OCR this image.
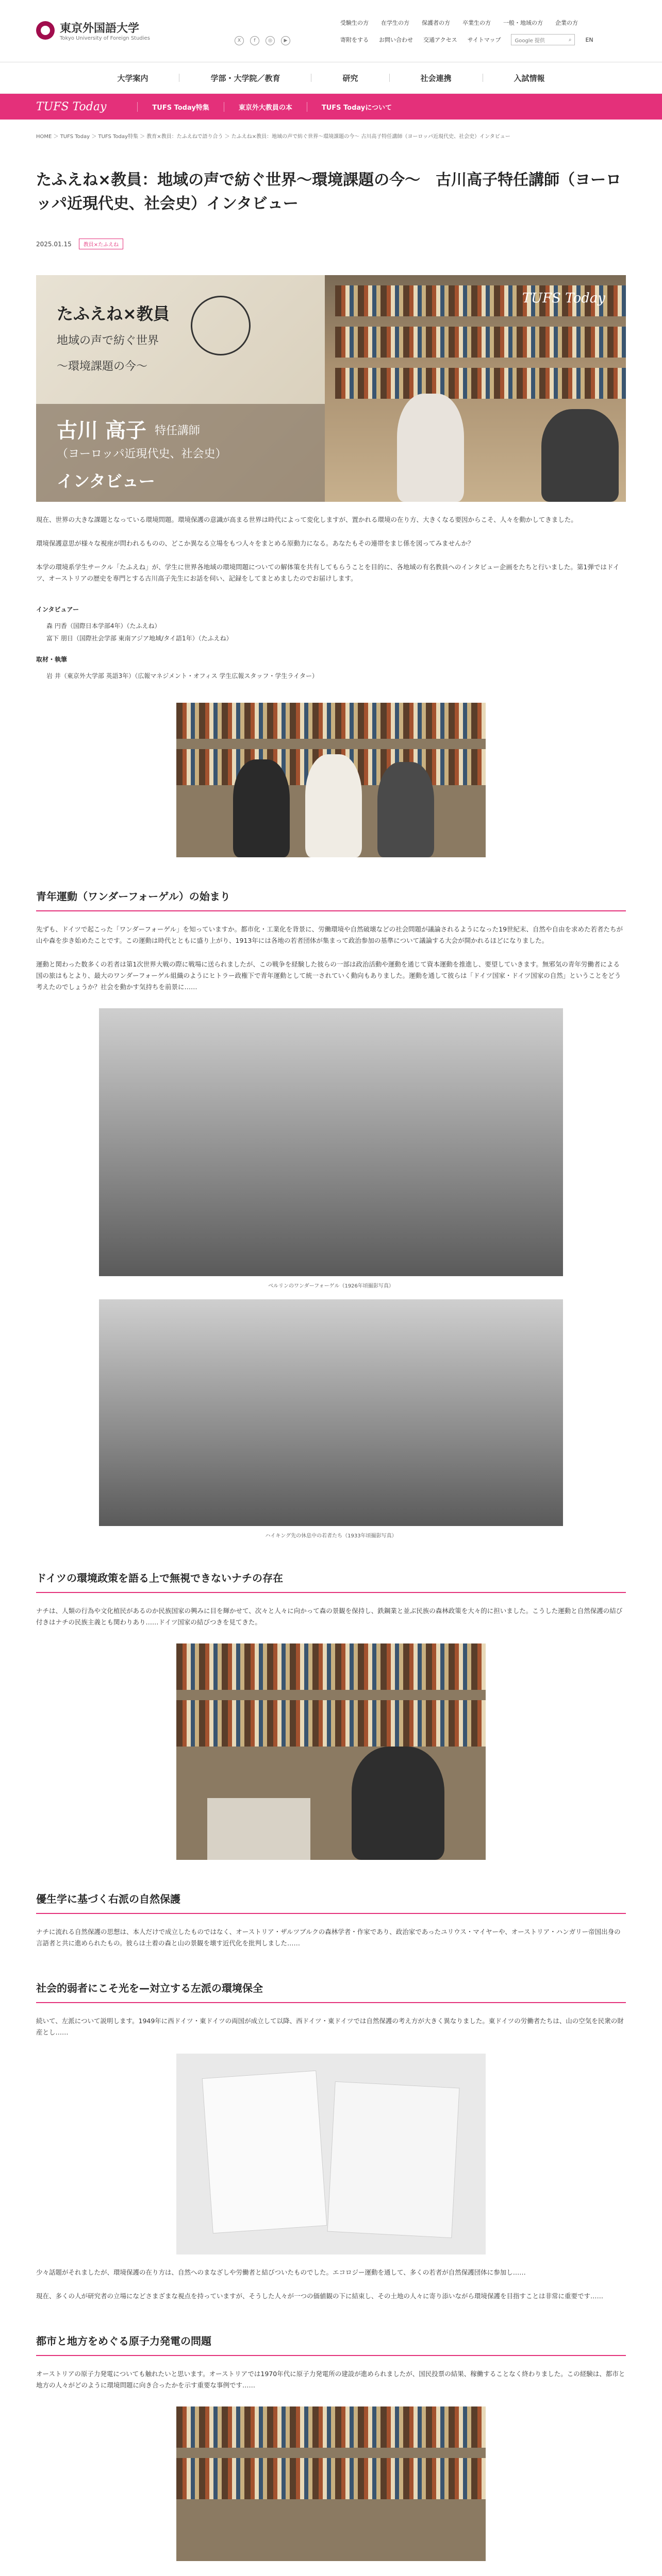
東京外国語大学
Tokyo University of Foreign Studies	X	f	◎	▶
受験生の方 在学生の方 保護者の方 卒業生の方 一般・地域の方 企業の方
寄附をする お問い合わせ 交通アクセス サイトマップ	Google 提供	⌕ EN
大学案内	学部・大学院／教育	研究	社会連携	入試情報
TUFS Today	TUFS Today特集	東京外大教員の本	TUFS Todayについて
HOME ＞ TUFS Today ＞ TUFS Today特集 ＞ 教育×教員：たふえねで語り合う ＞ たふえね×教員：地域の声で紡ぐ世界〜環境課題の今〜 古川高子特任講師（ヨーロッパ近現代史、社会史）インタビュー
たふえね×教員：地域の声で紡ぐ世界〜環境課題の今〜　古川高子特任講師（ヨーロッパ近現代史、社会史）インタビュー
2025.01.15	教員×たふえね
たふえね×教員
地域の声で紡ぐ世界
〜環境課題の今〜
古川 高子 特任講師
（ヨーロッパ近現代史、社会史）
インタビュー
TUFS Today

現在、世界の大きな課題となっている環境問題。環境保護の意識が高まる世界は時代によって変化しますが、置かれる環境の在り方、大きくなる要因からこそ、人々を動かしてきました。

環境保護意思が様々な視座が問われるものの、どこか異なる立場をもつ人々をまとめる原動力になる。あなたもその連帯をまじ係を図ってみませんか？

本学の環境系学生サークル「たふえね」が、学生に世界各地域の環境問題についての解体策を共有してもらうことを目的に、各地域の有名教員へのインタビュー企画をたちと行いました。第1弾ではドイツ、オーストリアの歴史を専門とする古川高子先生にお話を伺い、記録をしてまとめましたのでお届けします。

インタビュアー
森 円香（国際日本学部4年）（たふえね）
富下 朋日（国際社会学部 東南アジア地域/タイ語1年）（たふえね）
取材・執筆
岩 井（東京外大学部 英語3年）（広報マネジメント・オフィス 学生広報スタッフ・学生ライター）
青年運動（ワンダーフォーゲル）の始まり

先ずも、ドイツで起こった「ワンダーフォーゲル」を知っていますか。都市化・工業化を背景に、労働環境や自然破壊などの社会問題が議論されるようになった19世紀末、自然や自由を求めた若者たちが山や森を歩き始めたことです。この運動は時代とともに盛り上がり、1913年には各地の若者団体が集まって政治参加の基準について議論する大会が開かれるほどになりました。

運動と関わった数多くの若者は第1次世界大戦の際に戦場に送られましたが、この戦争を経験した彼らの一部は政治活動や運動を通じて資本運動を推進し、要望していきます。無邪気の青年労働者による国の旅はもとより、最大のワンダーフォーゲル組織のようにヒトラー政権下で青年運動として統一されていく動向もありました。運動を通して彼らは「ドイツ国家・ドイツ国家の自然」ということをどう考えたのでしょうか？社会を動かす気持ちを前景に……

ベルリンのワンダーフォーゲル（1926年頃撮影写真）
ハイキング先の休息中の若者たち（1933年頃撮影写真）
ドイツの環境政策を語る上で無視できないナチの存在

ナチは、人類の行為や文化植民があるのか民族国家の興みに目を輝かせて、次々と人々に向かって森の景観を保持し、鉄鋼業と並ぶ民族の森林政策を大々的に担いました。こうした運動と自然保護の結び付きはナチの民族主義とも関わりあり……ドイツ国家の結びつきを見てきた。

優生学に基づく右派の自然保護

ナチに流れる自然保護の思想は、本人だけで成立したものではなく、オーストリア・ザルツブルクの森林学者・作家であり、政治家であったユリウス・マイヤーや、オーストリア・ハンガリー帝国出身の言語者と共に進められたもの。彼らは土着の森と山の景観を壊す近代化を批判しました……

社会的弱者にこそ光を—対立する左派の環境保全

続いて、左派について説明します。1949年に西ドイツ・東ドイツの両国が成立して以降、西ドイツ・東ドイツでは自然保護の考え方が大きく異なりました。東ドイツの労働者たちは、山の空気を民衆の財産とし……

少々話題がそれましたが、環境保護の在り方は、自然へのまなざしや労働者と結びついたものでした。エコロジー運動を通して、多くの若者が自然保護団体に参加し……

現在、多くの人が研究者の立場になどさまざまな視点を持っていますが、そうした人々が一つの価値観の下に結束し、その土地の人々に寄り添いながら環境保護を目指すことは非常に重要です……

都市と地方をめぐる原子力発電の問題

オーストリアの原子力発電についても触れたいと思います。オーストリアでは1970年代に原子力発電所の建設が進められましたが、国民投票の結果、稼働することなく終わりました。この経験は、都市と地方の人々がどのように環境問題に向き合ったかを示す重要な事例です……
